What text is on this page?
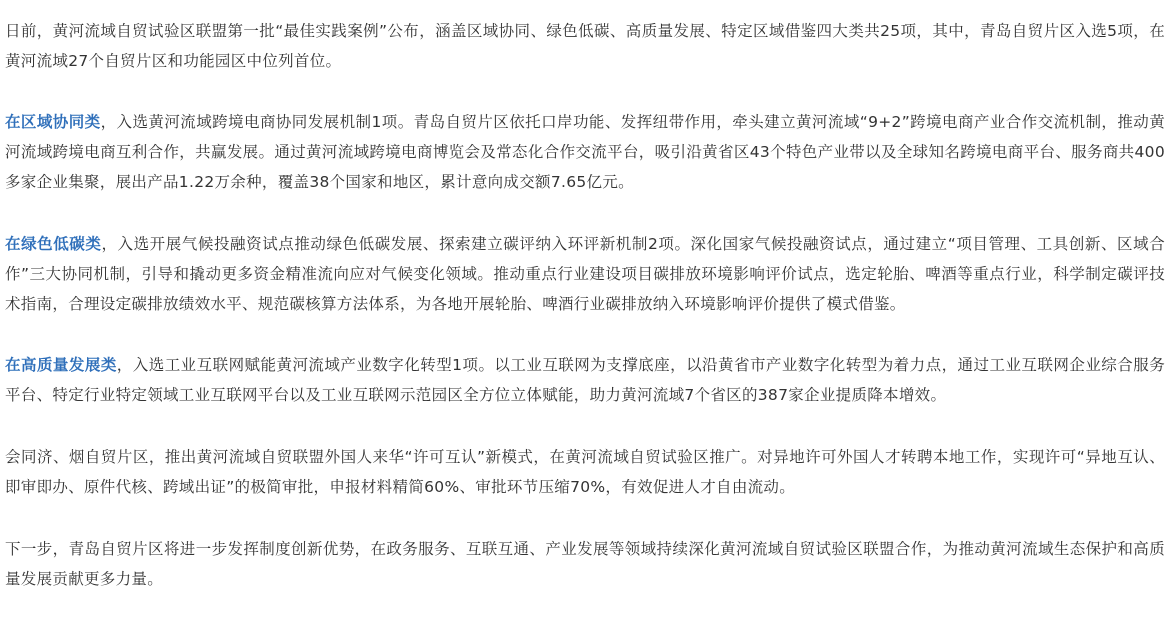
日前，黄河流域自贸试验区联盟第一批“最佳实践案例”公布，涵盖区域协同、绿色低碳、高质量发展、特定区域借鉴四大类共25项，其中，青岛自贸片区入选5项，在黄河流域27个自贸片区和功能园区中位列首位。

在区域协同类，入选黄河流域跨境电商协同发展机制1项。青岛自贸片区依托口岸功能、发挥纽带作用，牵头建立黄河流域“9+2”跨境电商产业合作交流机制，推动黄河流域跨境电商互利合作，共赢发展。通过黄河流域跨境电商博览会及常态化合作交流平台，吸引沿黄省区43个特色产业带以及全球知名跨境电商平台、服务商共400多家企业集聚，展出产品1.22万余种，覆盖38个国家和地区，累计意向成交额7.65亿元。

在绿色低碳类，入选开展气候投融资试点推动绿色低碳发展、探索建立碳评纳入环评新机制2项。深化国家气候投融资试点，通过建立“项目管理、工具创新、区域合作”三大协同机制，引导和撬动更多资金精准流向应对气候变化领域。推动重点行业建设项目碳排放环境影响评价试点，选定轮胎、啤酒等重点行业，科学制定碳评技术指南，合理设定碳排放绩效水平、规范碳核算方法体系，为各地开展轮胎、啤酒行业碳排放纳入环境影响评价提供了模式借鉴。

在高质量发展类，入选工业互联网赋能黄河流域产业数字化转型1项。以工业互联网为支撑底座，以沿黄省市产业数字化转型为着力点，通过工业互联网企业综合服务平台、特定行业特定领域工业互联网平台以及工业互联网示范园区全方位立体赋能，助力黄河流域7个省区的387家企业提质降本增效。

会同济、烟自贸片区，推出黄河流域自贸联盟外国人来华“许可互认”新模式，在黄河流域自贸试验区推广。对异地许可外国人才转聘本地工作，实现许可“异地互认、即审即办、原件代核、跨域出证”的极简审批，申报材料精简60%、审批环节压缩70%，有效促进人才自由流动。

下一步，青岛自贸片区将进一步发挥制度创新优势，在政务服务、互联互通、产业发展等领域持续深化黄河流域自贸试验区联盟合作，为推动黄河流域生态保护和高质量发展贡献更多力量。
